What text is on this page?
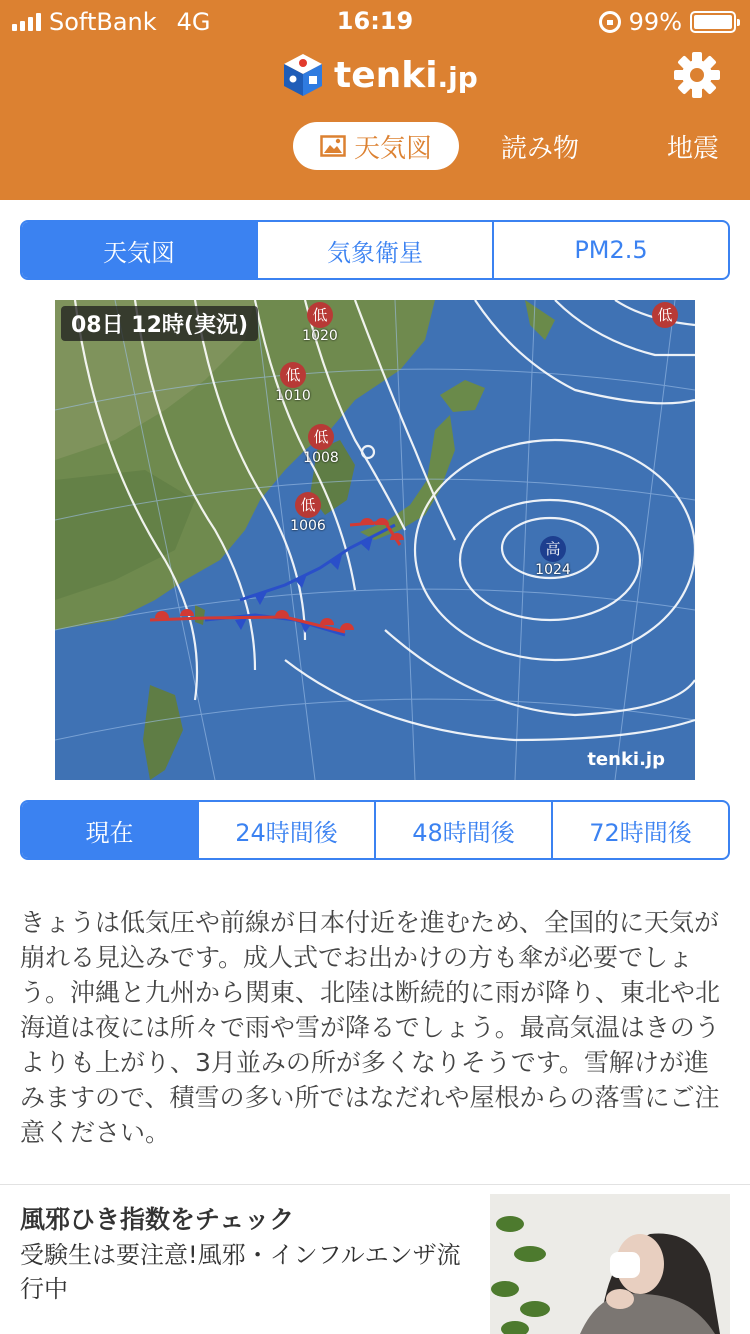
SoftBank 4G	16:19	99%
tenki.jp
天気図	読み物	地震
天気図	気象衛星	PM2.5
低
1020
低
1010
低
1008
低
1006
低
高
1024
08日 12時(実況)
tenki.jp
現在	24時間後	48時間後	72時間後

きょうは低気圧や前線が日本付近を進むため、全国的に天気が崩れる見込みです。成人式でお出かけの方も傘が必要でしょう。沖縄と九州から関東、北陸は断続的に雨が降り、東北や北海道は夜には所々で雨や雪が降るでしょう。最高気温はきのうよりも上がり、3月並みの所が多くなりそうです。雪解けが進みますので、積雪の多い所ではなだれや屋根からの落雪にご注意ください。

風邪ひき指数をチェック
受験生は要注意!風邪・インフルエンザ流行中
